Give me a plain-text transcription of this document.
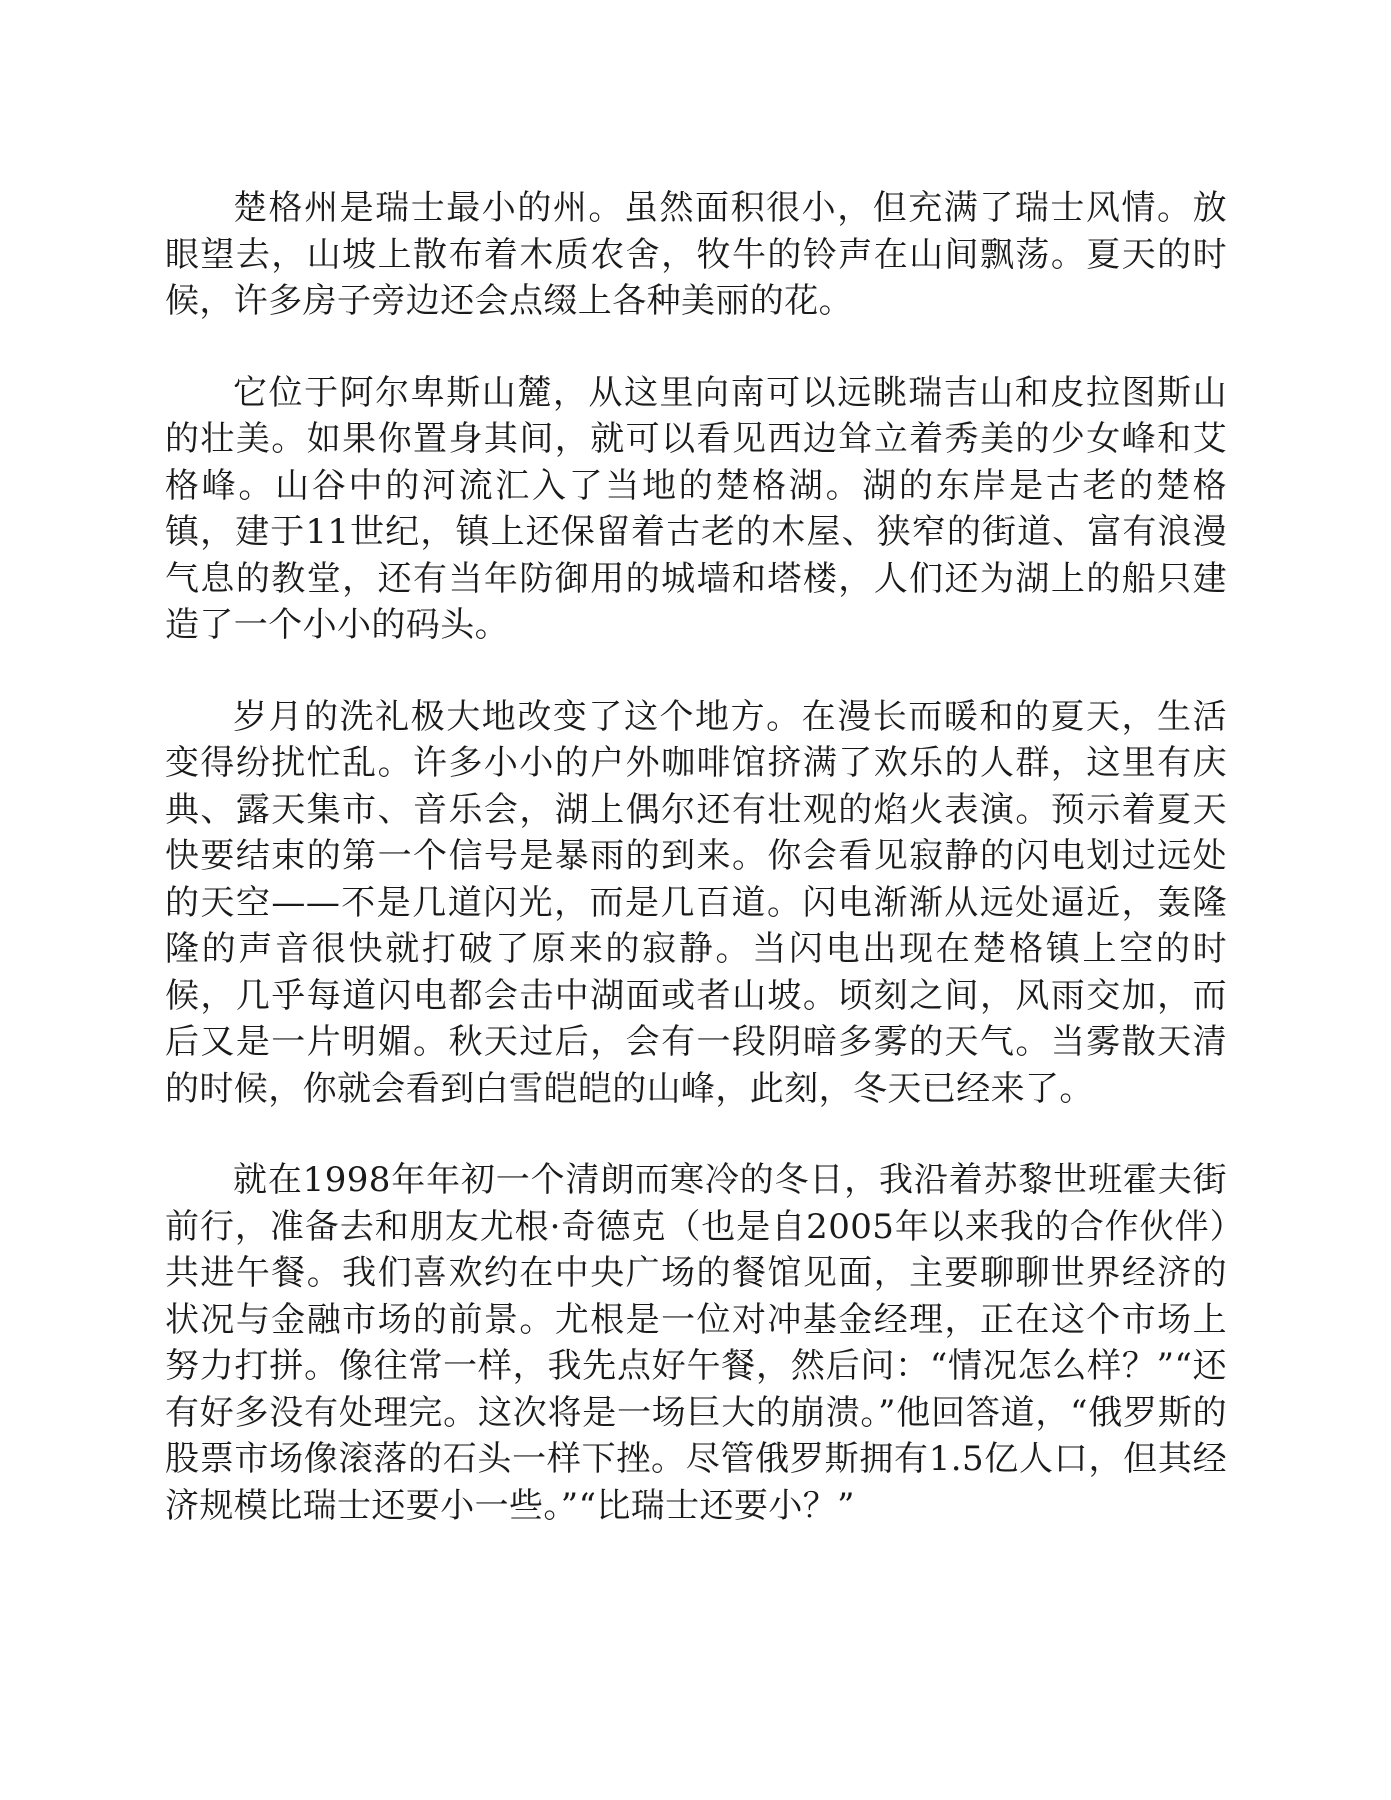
楚格州是瑞士最小的州。虽然面积很小，但充满了瑞士风情。放眼望去，山坡上散布着木质农舍，牧牛的铃声在山间飘荡。夏天的时候，许多房子旁边还会点缀上各种美丽的花。

它位于阿尔卑斯山麓，从这里向南可以远眺瑞吉山和皮拉图斯山的壮美。如果你置身其间，就可以看见西边耸立着秀美的少女峰和艾格峰。山谷中的河流汇入了当地的楚格湖。湖的东岸是古老的楚格镇，建于11世纪，镇上还保留着古老的木屋、狭窄的街道、富有浪漫气息的教堂，还有当年防御用的城墙和塔楼，人们还为湖上的船只建造了一个小小的码头。

岁月的洗礼极大地改变了这个地方。在漫长而暖和的夏天，生活变得纷扰忙乱。许多小小的户外咖啡馆挤满了欢乐的人群，这里有庆典、露天集市、音乐会，湖上偶尔还有壮观的焰火表演。预示着夏天快要结束的第一个信号是暴雨的到来。你会看见寂静的闪电划过远处的天空——不是几道闪光，而是几百道。闪电渐渐从远处逼近，轰隆隆的声音很快就打破了原来的寂静。当闪电出现在楚格镇上空的时候，几乎每道闪电都会击中湖面或者山坡。顷刻之间，风雨交加，而后又是一片明媚。秋天过后，会有一段阴暗多雾的天气。当雾散天清的时候，你就会看到白雪皑皑的山峰，此刻，冬天已经来了。

就在1998年年初一个清朗而寒冷的冬日，我沿着苏黎世班霍夫街前行，准备去和朋友尤根·奇德克（也是自2005年以来我的合作伙伴）共进午餐。我们喜欢约在中央广场的餐馆见面，主要聊聊世界经济的状况与金融市场的前景。尤根是一位对冲基金经理，正在这个市场上努力打拼。像往常一样，我先点好午餐，然后问：“情况怎么样？”“还有好多没有处理完。这次将是一场巨大的崩溃。”他回答道，“俄罗斯的股票市场像滚落的石头一样下挫。尽管俄罗斯拥有1.5亿人口，但其经济规模比瑞士还要小一些。”“比瑞士还要小？”
